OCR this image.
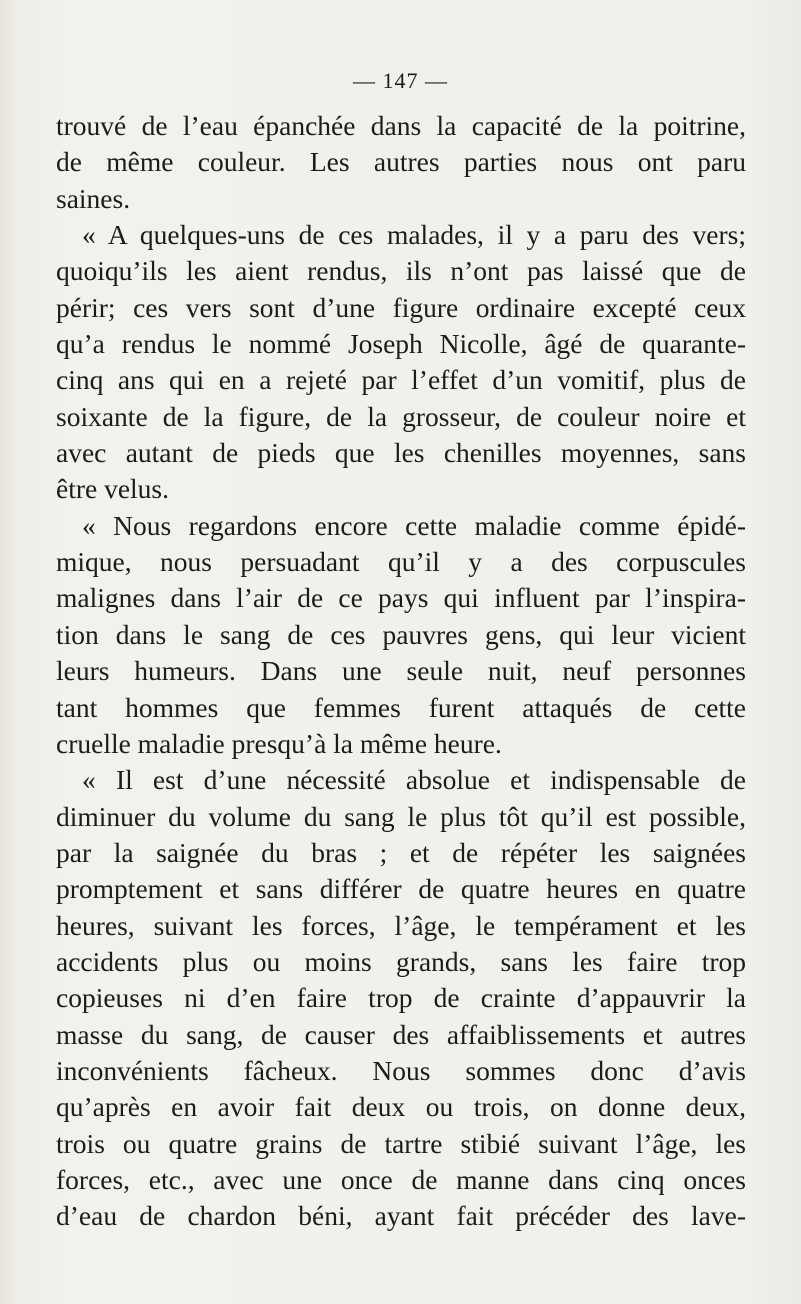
— 147 —
trouvé de l’eau épanchée dans la capacité de la poitrine,
de même couleur. Les autres parties nous ont paru
saines.
« A quelques-uns de ces malades, il y a paru des vers;
quoiqu’ils les aient rendus, ils n’ont pas laissé que de
périr; ces vers sont d’une figure ordinaire excepté ceux
qu’a rendus le nommé Joseph Nicolle, âgé de quarante-
cinq ans qui en a rejeté par l’effet d’un vomitif, plus de
soixante de la figure, de la grosseur, de couleur noire et
avec autant de pieds que les chenilles moyennes, sans
être velus.
« Nous regardons encore cette maladie comme épidé-
mique, nous persuadant qu’il y a des corpuscules
malignes dans l’air de ce pays qui influent par l’inspira-
tion dans le sang de ces pauvres gens, qui leur vicient
leurs humeurs. Dans une seule nuit, neuf personnes
tant hommes que femmes furent attaqués de cette
cruelle maladie presqu’à la même heure.
« Il est d’une nécessité absolue et indispensable de
diminuer du volume du sang le plus tôt qu’il est possible,
par la saignée du bras ; et de répéter les saignées
promptement et sans différer de quatre heures en quatre
heures, suivant les forces, l’âge, le tempérament et les
accidents plus ou moins grands, sans les faire trop
copieuses ni d’en faire trop de crainte d’appauvrir la
masse du sang, de causer des affaiblissements et autres
inconvénients fâcheux. Nous sommes donc d’avis
qu’après en avoir fait deux ou trois, on donne deux,
trois ou quatre grains de tartre stibié suivant l’âge, les
forces, etc., avec une once de manne dans cinq onces
d’eau de chardon béni, ayant fait précéder des lave-
